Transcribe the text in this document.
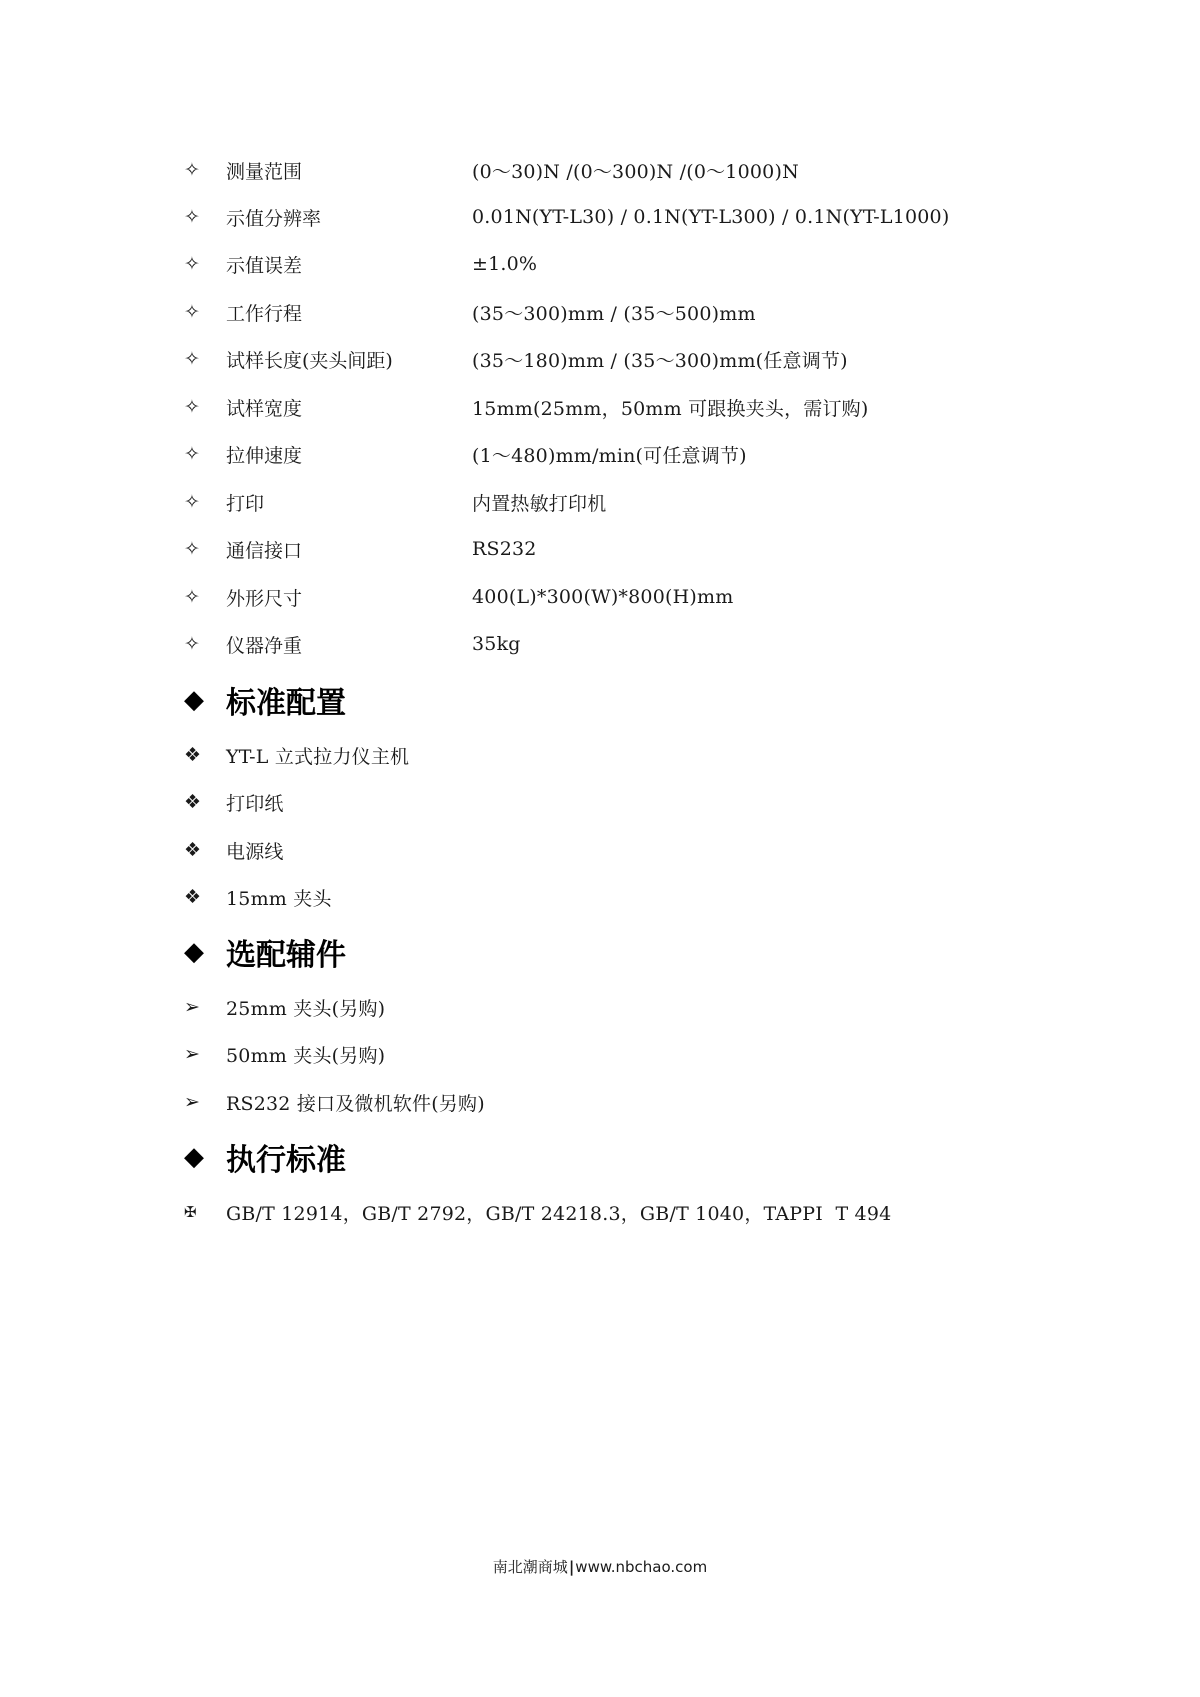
✧	测量范围	(0～30)N /(0～300)N /(0～1000)N
✧	示值分辨率	0.01N(YT-L30) / 0.1N(YT-L300) / 0.1N(YT-L1000)
✧	示值误差	±1.0%
✧	工作行程	(35～300)mm / (35～500)mm
✧	试样长度(夹头间距)	(35～180)mm / (35～300)mm(任意调节)
✧	试样宽度	15mm(25mm，50mm 可跟换夹头，需订购)
✧	拉伸速度	(1～480)mm/min(可任意调节)
✧	打印	内置热敏打印机
✧	通信接口	RS232
✧	外形尺寸	400(L)*300(W)*800(H)mm
✧	仪器净重	35kg
◆ 标准配置
❖	YT-L 立式拉力仪主机
❖	打印纸
❖	电源线
❖	15mm 夹头
◆ 选配辅件
➢	25mm 夹头(另购)
➢	50mm 夹头(另购)
➢	RS232 接口及微机软件(另购)
◆ 执行标准
✠	GB/T 12914，GB/T 2792，GB/T 24218.3，GB/T 1040，TAPPI  T 494
南北潮商城|www.nbchao.com
